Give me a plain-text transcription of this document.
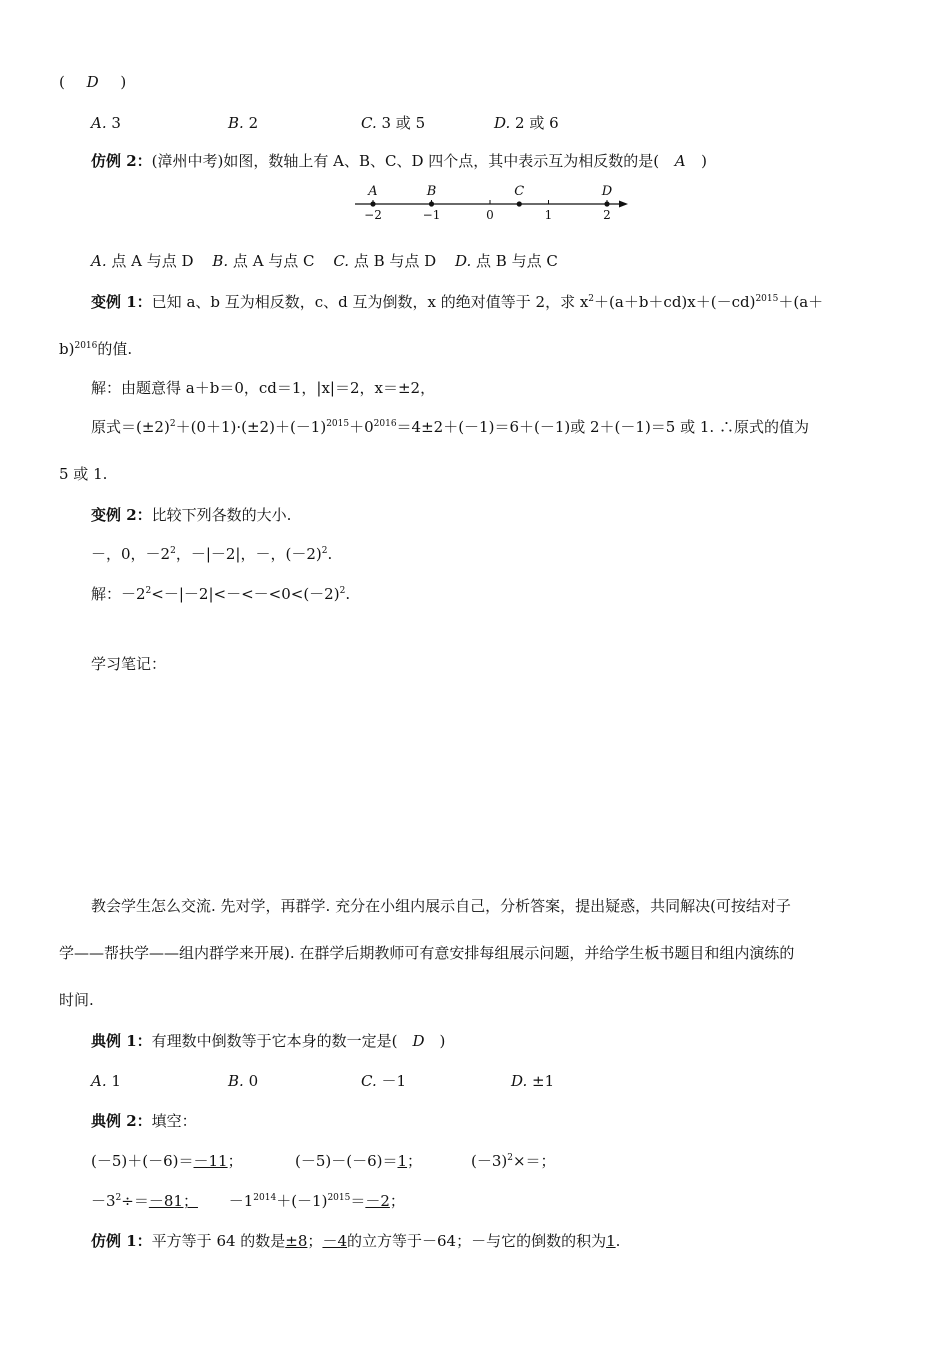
( D )
A. 3	B. 2	C. 3 或 5	D. 2 或 6
仿例 2：(漳州中考)如图，数轴上有 A、B、C、D 四个点，其中表示互为相反数的是( A )
−2	−1	0	1	2
A	B	C	D
A. 点 A 与点 D B. 点 A 与点 C C. 点 B 与点 D D. 点 B 与点 C
变例 1：已知 a、b 互为相反数，c、d 互为倒数，x 的绝对值等于 2，求 $x^2+(a+b+cd)x+(-cd)^{2015}+(a+$
b)$^{2016}$的值.
解：由题意得 a＋b＝0，cd＝1，|x|＝2，x＝±2，
原式$=(\pm 2)^2+(0+1)\cdot(\pm 2)+(-1)^{2015}+0^{2016}=4\pm 2+(-1)=6+(-1)$或 2＋(－1)＝5 或 1. ∴原式的值为
5 或 1.
变例 2：比较下列各数的大小.
－，0，$-2^2$，－|－2|，－，$(-2)^2$.
解：$-2^2<-|-2|<-<-<0<(-2)^2$.
学习笔记：
教会学生怎么交流. 先对学，再群学. 充分在小组内展示自己，分析答案，提出疑惑，共同解决(可按结对子
学——帮扶学——组内群学来开展). 在群学后期教师可有意安排每组展示问题，并给学生板书题目和组内演练的
时间.
典例 1：有理数中倒数等于它本身的数一定是( D )
A. 1	B. 0	C. －1	D. ±1
典例 2：填空：
(－5)＋(－6)＝－11；	(－5)－(－6)＝1；	$(-3)^2\times=$；
$-3^2\div=-81$； $-1^{2014}+(-1)^{2015}=-2$；
仿例 1：平方等于 64 的数是±8；－4的立方等于－64；－与它的倒数的积为1.
